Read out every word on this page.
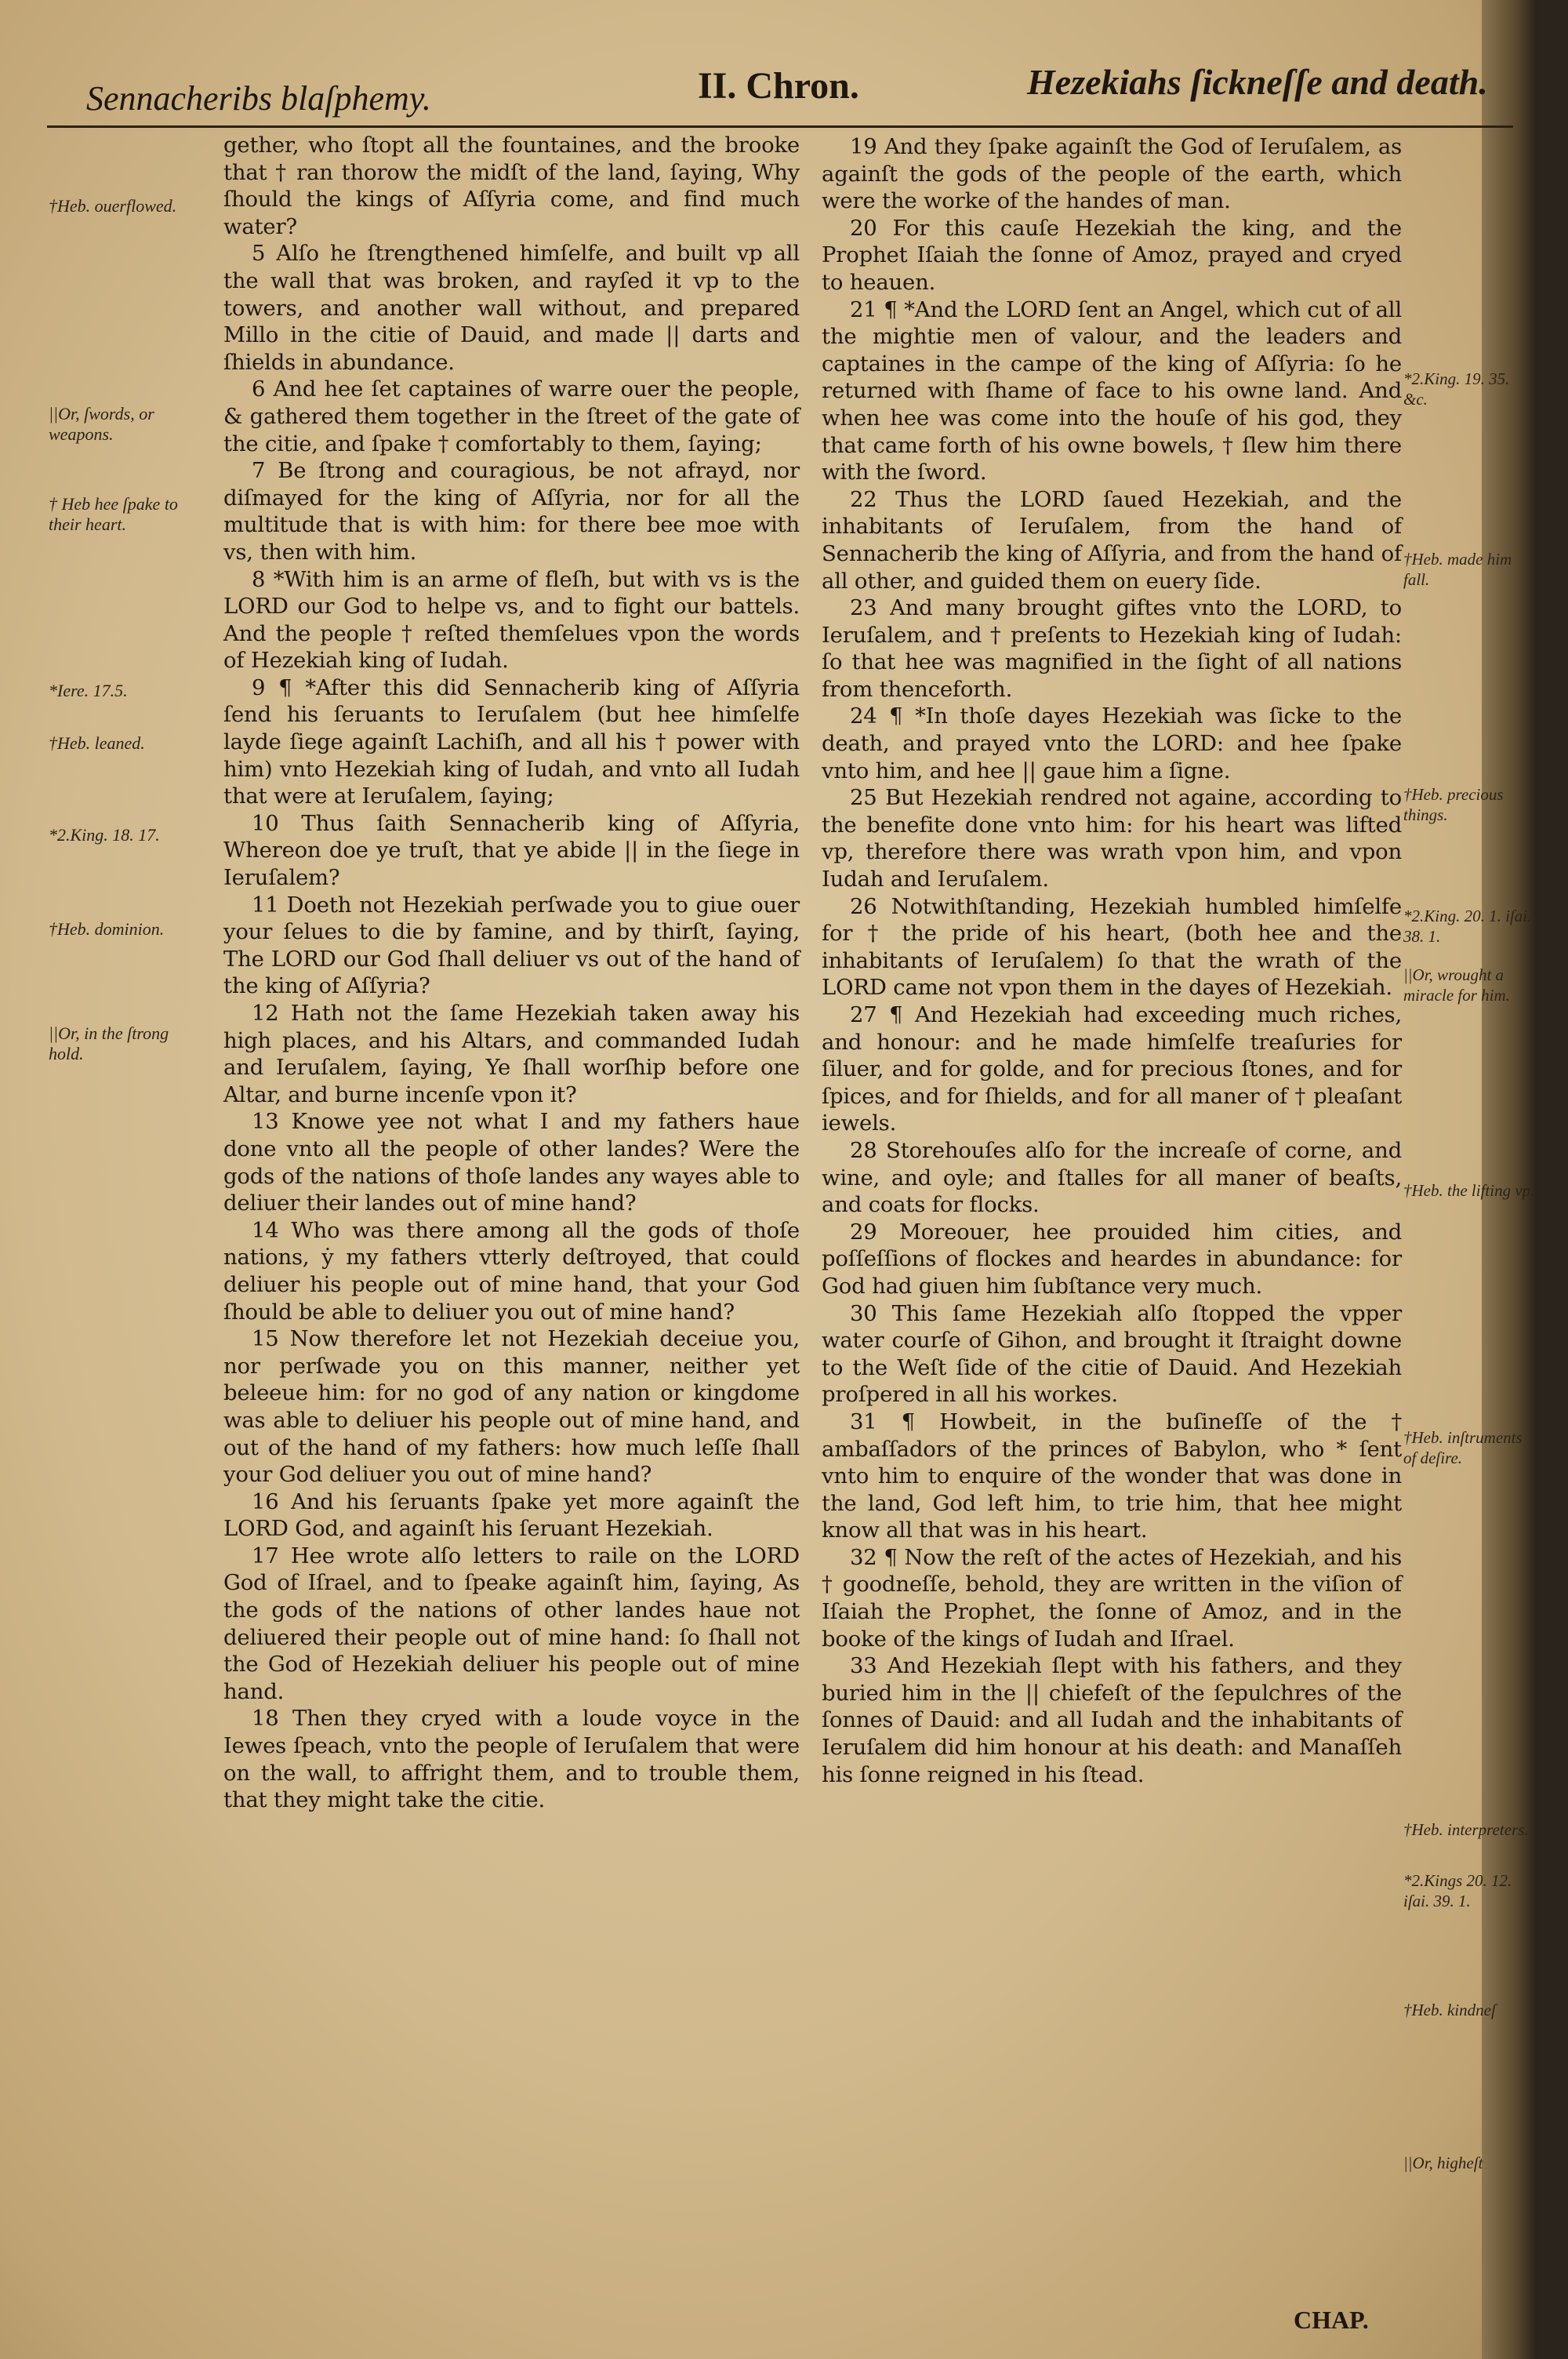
Sennacheribs blaſphemy.	II. Chron.	Hezekiahs ſickneſſe and death.
†Heb. ouerflowed.
||Or, ſwords, or weapons.
† Heb hee ſpake to their heart.
*Iere. 17.5.
†Heb. leaned.
*2.King. 18. 17.
†Heb. dominion.
||Or, in the ſtrong hold.

gether, who ſtopt all the fountaines, and the brooke that † ran thorow the midſt of the land, ſaying, Why ſhould the kings of Aſſyria come, and find much water?

5 Alſo he ſtrengthened himſelfe, and built vp all the wall that was broken, and rayſed it vp to the towers, and another wall without, and prepared Millo in the citie of Dauid, and made || darts and ſhields in abundance.

6 And hee ſet captaines of warre ouer the people, & gathered them together in the ſtreet of the gate of the citie, and ſpake † comfortably to them, ſaying;

7 Be ſtrong and couragious, be not afrayd, nor diſmayed for the king of Aſſyria, nor for all the multitude that is with him: for there bee moe with vs, then with him.

8 *With him is an arme of fleſh, but with vs is the LORD our God to helpe vs, and to fight our battels. And the people † reſted themſelues vpon the words of Hezekiah king of Iudah.

9 ¶ *After this did Sennacherib king of Aſſyria ſend his ſeruants to Ieruſalem (but hee himſelfe layde ſiege againſt Lachiſh, and all his † power with him) vnto Hezekiah king of Iudah, and vnto all Iudah that were at Ieruſalem, ſaying;

10 Thus ſaith Sennacherib king of Aſſyria, Whereon doe ye truſt, that ye abide || in the ſiege in Ieruſalem?

11 Doeth not Hezekiah perſwade you to giue ouer your ſelues to die by famine, and by thirſt, ſaying, The LORD our God ſhall deliuer vs out of the hand of the king of Aſſyria?

12 Hath not the ſame Hezekiah taken away his high places, and his Altars, and commanded Iudah and Ieruſalem, ſaying, Ye ſhall worſhip before one Altar, and burne incenſe vpon it?

13 Knowe yee not what I and my fathers haue done vnto all the people of other landes? Were the gods of the nations of thoſe landes any wayes able to deliuer their landes out of mine hand?

14 Who was there among all the gods of thoſe nations, ẏ my fathers vtterly deſtroyed, that could deliuer his people out of mine hand, that your God ſhould be able to deliuer you out of mine hand?

15 Now therefore let not Hezekiah deceiue you, nor perſwade you on this manner, neither yet beleeue him: for no god of any nation or kingdome was able to deliuer his people out of mine hand, and out of the hand of my fathers: how much leſſe ſhall your God deliuer you out of mine hand?

16 And his ſeruants ſpake yet more againſt the LORD God, and againſt his ſeruant Hezekiah.

17 Hee wrote alſo letters to raile on the LORD God of Iſrael, and to ſpeake againſt him, ſaying, As the gods of the nations of other landes haue not deliuered their people out of mine hand: ſo ſhall not the God of Hezekiah deliuer his people out of mine hand.

18 Then they cryed with a loude voyce in the Iewes ſpeach, vnto the people of Ieruſalem that were on the wall, to affright them, and to trouble them, that they might take the citie.

19 And they ſpake againſt the God of Ieruſalem, as againſt the gods of the people of the earth, which were the worke of the handes of man.

20 For this cauſe Hezekiah the king, and the Prophet Iſaiah the ſonne of Amoz, prayed and cryed to heauen.

21 ¶ *And the LORD ſent an Angel, which cut of all the mightie men of valour, and the leaders and captaines in the campe of the king of Aſſyria: ſo he returned with ſhame of face to his owne land. And when hee was come into the houſe of his god, they that came forth of his owne bowels, † ſlew him there with the ſword.

22 Thus the LORD ſaued Hezekiah, and the inhabitants of Ieruſalem, from the hand of Sennacherib the king of Aſſyria, and from the hand of all other, and guided them on euery ſide.

23 And many brought giftes vnto the LORD, to Ieruſalem, and † preſents to Hezekiah king of Iudah: ſo that hee was magnified in the ſight of all nations from thenceforth.

24 ¶ *In thoſe dayes Hezekiah was ſicke to the death, and prayed vnto the LORD: and hee ſpake vnto him, and hee || gaue him a ſigne.

25 But Hezekiah rendred not againe, according to the benefite done vnto him: for his heart was lifted vp, therefore there was wrath vpon him, and vpon Iudah and Ieruſalem.

26 Notwithſtanding, Hezekiah humbled himſelfe for † the pride of his heart, (both hee and the inhabitants of Ieruſalem) ſo that the wrath of the LORD came not vpon them in the dayes of Hezekiah.

27 ¶ And Hezekiah had exceeding much riches, and honour: and he made himſelfe treaſuries for ſiluer, and for golde, and for precious ſtones, and for ſpices, and for ſhields, and for all maner of † pleaſant iewels.

28 Storehouſes alſo for the increaſe of corne, and wine, and oyle; and ſtalles for all maner of beaſts, and coats for flocks.

29 Moreouer, hee prouided him cities, and poſſeſſions of flockes and heardes in abundance: for God had giuen him ſubſtance very much.

30 This ſame Hezekiah alſo ſtopped the vpper water courſe of Gihon, and brought it ſtraight downe to the Weſt ſide of the citie of Dauid. And Hezekiah proſpered in all his workes.

31 ¶ Howbeit, in the buſineſſe of the † ambaſſadors of the princes of Babylon, who * ſent vnto him to enquire of the wonder that was done in the land, God left him, to trie him, that hee might know all that was in his heart.

32 ¶ Now the reſt of the actes of Hezekiah, and his † goodneſſe, behold, they are written in the viſion of Iſaiah the Prophet, the ſonne of Amoz, and in the booke of the kings of Iudah and Iſrael.

33 And Hezekiah ſlept with his fathers, and they buried him in the || chiefeſt of the ſepulchres of the ſonnes of Dauid: and all Iudah and the inhabitants of Ieruſalem did him honour at his death: and Manaſſeh his ſonne reigned in his ſtead.

*2.King. 19. 35. &c.
†Heb. made him fall.
†Heb. precious things.
*2.King. 20. 1. iſai. 38. 1.
||Or, wrought a miracle for him.
†Heb. the lifting vp.
†Heb. inſtruments of deſire.
†Heb. interpreters.
*2.Kings 20. 12. iſai. 39. 1.
†Heb. kindneſ
||Or, higheſt
CHAP.
